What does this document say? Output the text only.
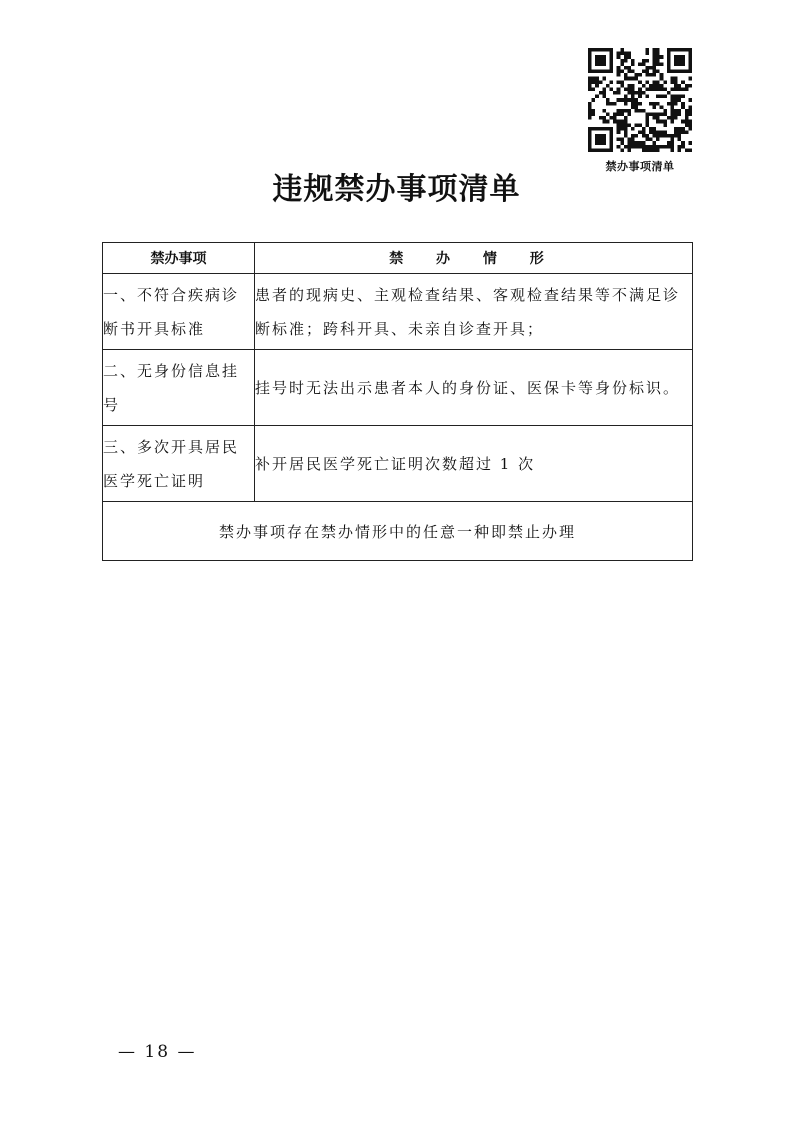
禁办事项清单
违规禁办事项清单
禁办事项	禁 办 情 形
一、不符合疾病诊断书开具标准	患者的现病史、主观检查结果、客观检查结果等不满足诊断标准；跨科开具、未亲自诊查开具；
二、无身份信息挂号	挂号时无法出示患者本人的身份证、医保卡等身份标识。
三、多次开具居民医学死亡证明	补开居民医学死亡证明次数超过 1 次
禁办事项存在禁办情形中的任意一种即禁止办理	
— 18 —
